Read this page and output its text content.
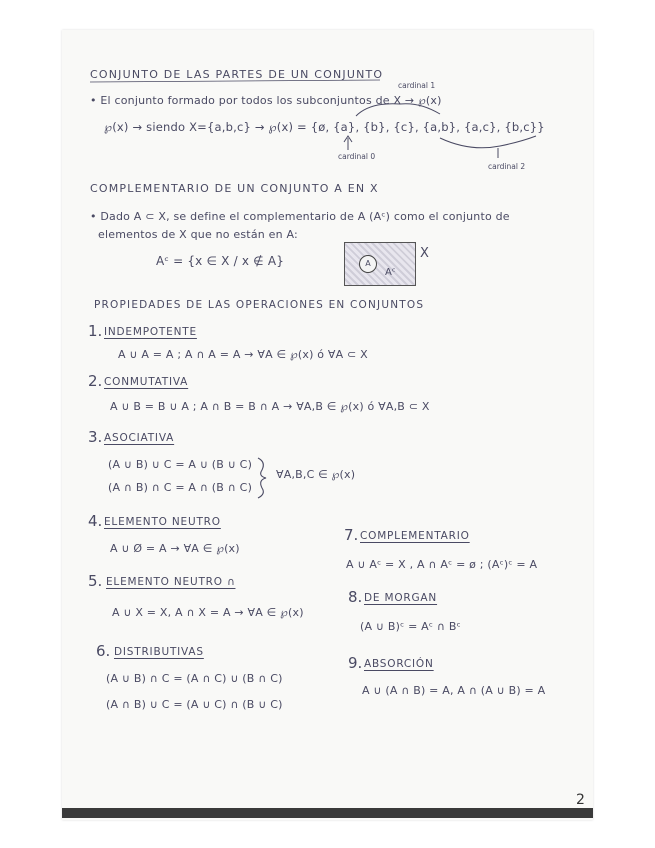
CONJUNTO DE LAS PARTES DE UN CONJUNTO
• El conjunto formado por todos los subconjuntos de X → ℘(x)
cardinal 1
℘(x) → siendo X={a,b,c} → ℘(x) = {ø, {a}, {b}, {c}, {a,b}, {a,c}, {b,c}}
cardinal 0
cardinal 2
COMPLEMENTARIO DE UN CONJUNTO A EN X
• Dado A ⊂ X, se define el complementario de A (Aᶜ) como el conjunto de
elementos de X que no están en A:
Aᶜ = {x ∈ X / x ∉ A}	A
Aᶜ
X
PROPIEDADES DE LAS OPERACIONES EN CONJUNTOS
1. INDEMPOTENTE
A ∪ A = A ; A ∩ A = A → ∀A ∈ ℘(x) ó ∀A ⊂ X
2. CONMUTATIVA
A ∪ B = B ∪ A ; A ∩ B = B ∩ A → ∀A,B ∈ ℘(x) ó ∀A,B ⊂ X
3. ASOCIATIVA
(A ∪ B) ∪ C = A ∪ (B ∪ C)
(A ∩ B) ∩ C = A ∩ (B ∩ C)
∀A,B,C ∈ ℘(x)
4. ELEMENTO NEUTRO
A ∪ Ø = A → ∀A ∈ ℘(x)
5. ELEMENTO NEUTRO ∩
A ∪ X = X, A ∩ X = A → ∀A ∈ ℘(x)
6. DISTRIBUTIVAS
(A ∪ B) ∩ C = (A ∩ C) ∪ (B ∩ C)
(A ∩ B) ∪ C = (A ∪ C) ∩ (B ∪ C)
7. COMPLEMENTARIO
A ∪ Aᶜ = X , A ∩ Aᶜ = ø ; (Aᶜ)ᶜ = A
8. DE MORGAN
(A ∪ B)ᶜ = Aᶜ ∩ Bᶜ
9. ABSORCIÓN
A ∪ (A ∩ B) = A, A ∩ (A ∪ B) = A
2
